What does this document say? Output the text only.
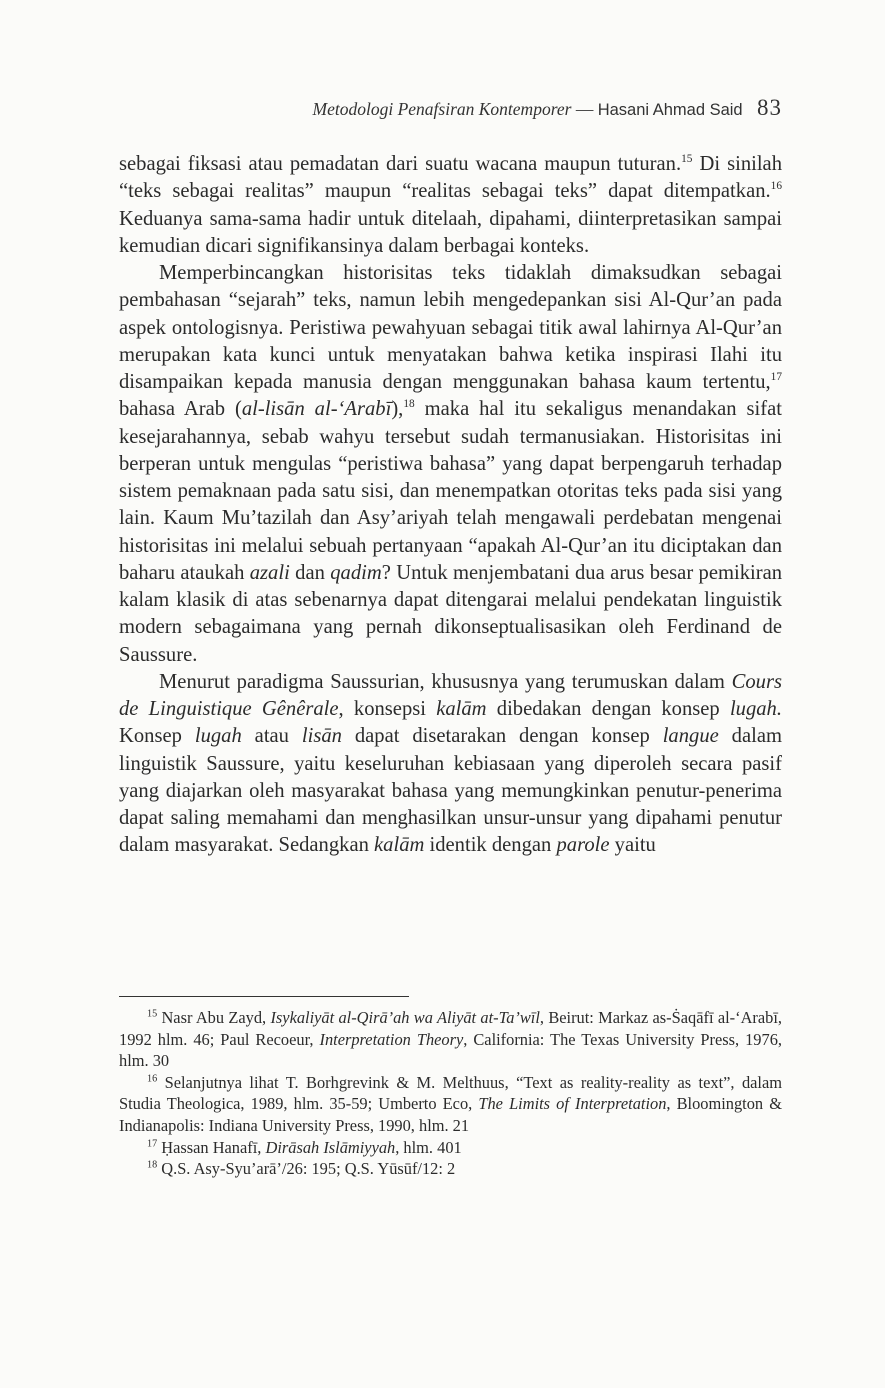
Metodologi Penafsiran Kontemporer — Hasani Ahmad Said 83

sebagai fiksasi atau pemadatan dari suatu wacana maupun tuturan.$^{15}$ Di sinilah “teks sebagai realitas” maupun “realitas sebagai teks” dapat ditempatkan.$^{16}$ Keduanya sama-sama hadir untuk ditelaah, dipahami, diinterpretasikan sampai kemudian dicari signifikansinya dalam berbagai konteks.

Memperbincangkan historisitas teks tidaklah dimaksudkan sebagai pembahasan “sejarah” teks, namun lebih mengedepankan sisi Al-Qur’an pada aspek ontologisnya. Peristiwa pewahyuan sebagai titik awal lahirnya Al-Qur’an merupakan kata kunci untuk menyatakan bahwa ketika inspirasi Ilahi itu disampaikan kepada manusia dengan menggunakan bahasa kaum tertentu,$^{17}$ bahasa Arab (al-lisān al-‘Arabī),$^{18}$ maka hal itu sekaligus menandakan sifat kesejarahannya, sebab wahyu tersebut sudah termanusiakan. Historisitas ini berperan untuk mengulas “peristiwa bahasa” yang dapat berpengaruh terhadap sistem pemaknaan pada satu sisi, dan menempatkan otoritas teks pada sisi yang lain. Kaum Mu’tazilah dan Asy’ariyah telah mengawali perdebatan mengenai historisitas ini melalui sebuah pertanyaan “apakah Al-Qur’an itu diciptakan dan baharu ataukah azali dan qadim? Untuk menjembatani dua arus besar pemikiran kalam klasik di atas sebenarnya dapat ditengarai melalui pendekatan linguistik modern sebagaimana yang pernah dikonseptualisasikan oleh Ferdinand de Saussure.

Menurut paradigma Saussurian, khususnya yang terumuskan dalam Cours de Linguistique Gênêrale, konsepsi kalām dibedakan dengan konsep lugah. Konsep lugah atau lisān dapat disetarakan dengan konsep langue dalam linguistik Saussure, yaitu keseluruhan kebiasaan yang diperoleh secara pasif yang diajarkan oleh masyarakat bahasa yang memungkinkan penutur-penerima dapat saling memahami dan menghasilkan unsur-unsur yang dipahami penutur dalam masyarakat. Sedangkan kalām identik dengan parole yaitu

$^{15}$ Nasr Abu Zayd, Isykaliyāt al-Qirā’ah wa Aliyāt at-Ta’wīl, Beirut: Markaz as-Ṡaqāfī al-‘Arabī, 1992 hlm. 46; Paul Recoeur, Interpretation Theory, California: The Texas University Press, 1976, hlm. 30

$^{16}$ Selanjutnya lihat T. Borhgrevink & M. Melthuus, “Text as reality-reality as text”, dalam Studia Theologica, 1989, hlm. 35-59; Umberto Eco, The Limits of Interpretation, Bloomington & Indianapolis: Indiana University Press, 1990, hlm. 21

$^{17}$ Ḥassan Hanafī, Dirāsah Islāmiyyah, hlm. 401

$^{18}$ Q.S. Asy-Syu’arā’/26: 195; Q.S. Yūsūf/12: 2
